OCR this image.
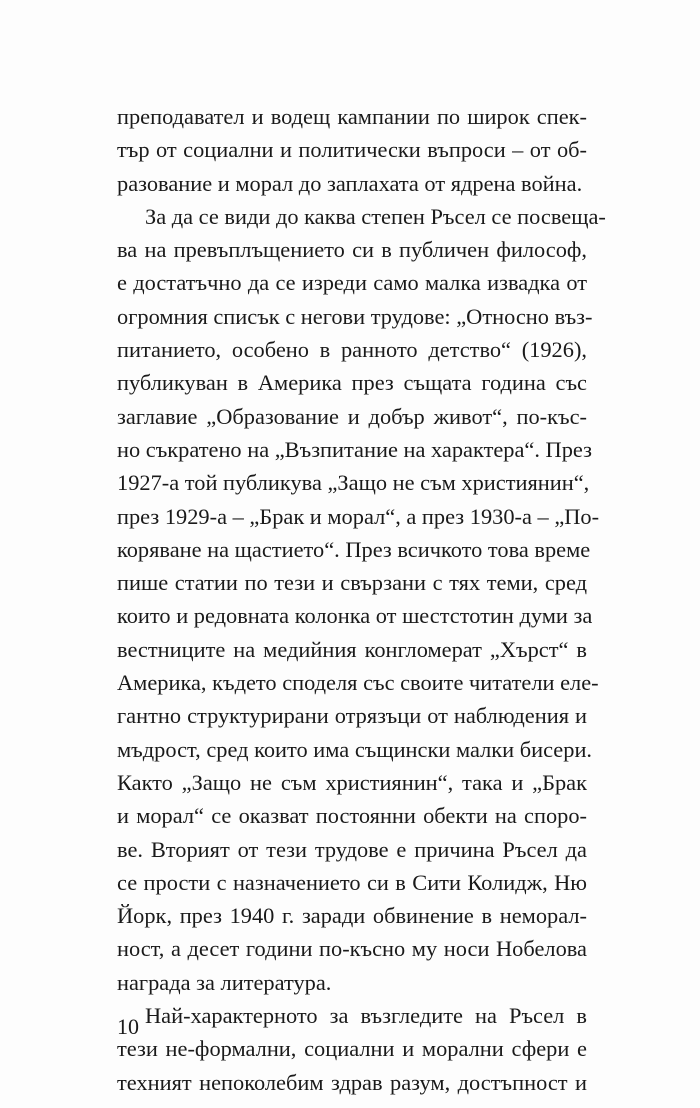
преподавател и водещ кампании по широк спек-
тър от социални и политически въпроси – от об-
разование и морал до заплахата от ядрена война.
За да се види до каква степен Ръсел се посвеща-
ва на превъплъщението си в публичен философ,
е достатъчно да се изреди само малка извадка от
огромния списък с негови трудове: „Относно въз-
питанието, особено в ранното детство“ (1926),
публикуван в Америка през същата година със
заглавие „Образование и добър живот“, по-къс-
но съкратено на „Възпитание на характера“. През
1927-а той публикува „Защо не съм християнин“,
през 1929-а – „Брак и морал“, а през 1930-а – „По-
коряване на щастието“. През всичкото това време
пише статии по тези и свързани с тях теми, сред
които и редовната колонка от шестстотин думи за
вестниците на медийния конгломерат „Хърст“ в
Америка, където споделя със своите читатели еле-
гантно структурирани отрязъци от наблюдения и
мъдрост, сред които има същински малки бисери.
Както „Защо не съм християнин“, така и „Брак
и морал“ се оказват постоянни обекти на споро-
ве. Вторият от тези трудове е причина Ръсел да
се прости с назначението си в Сити Колидж, Ню
Йорк, през 1940 г. заради обвинение в неморал-
ност, а десет години по-късно му носи Нобелова
награда за литература.
Най-характерното за възгледите на Ръсел в
тези не-формални, социални и морални сфери е
техният непоколебим здрав разум, достъпност и
10
